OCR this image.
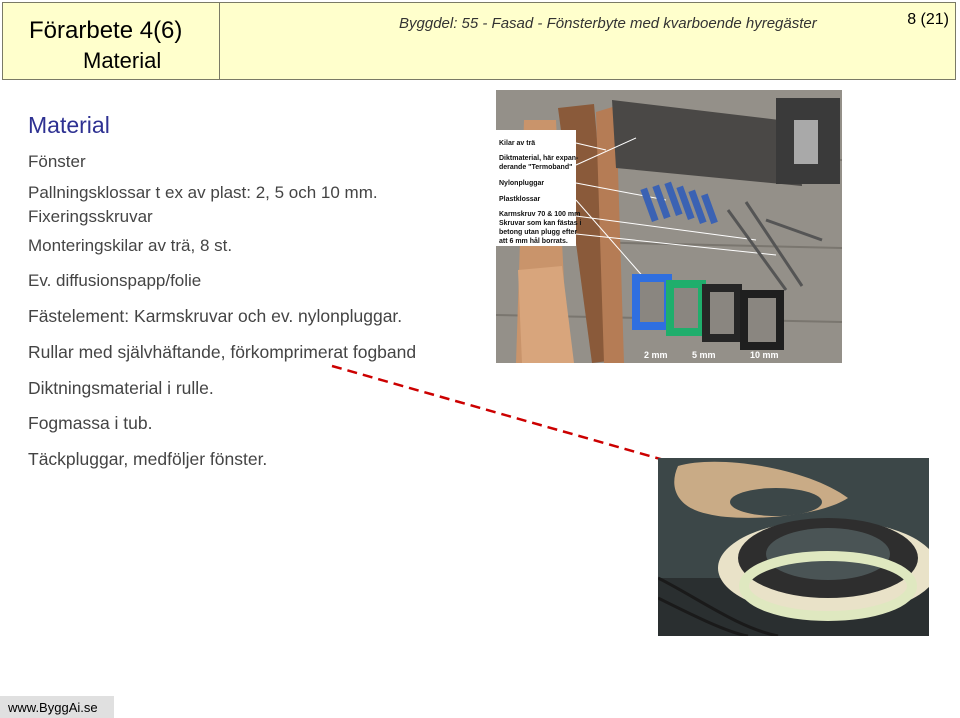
Förarbete 4(6)
Material
Byggdel: 55 - Fasad - Fönsterbyte med kvarboende hyregäster	8 (21)
Material
Fönster
Pallningsklossar t ex av plast: 2, 5 och 10 mm.
Fixeringsskruvar
Monteringskilar av trä, 8 st.
Ev. diffusionspapp/folie
Fästelement: Karmskruvar och ev. nylonpluggar.
Rullar med självhäftande, förkomprimerat fogband
Diktningsmaterial i rulle.
Fogmassa i tub.
Täckpluggar, medföljer fönster.
Kilar av trä
Diktmaterial, här expan-
derande "Termoband"
Nylonpluggar
Plastklossar
Karmskruv 70 & 100 mm
Skruvar som kan fästas i
betong utan plugg efter
att 6 mm hål borrats.
2 mm	5 mm	10 mm
www.ByggAi.se
